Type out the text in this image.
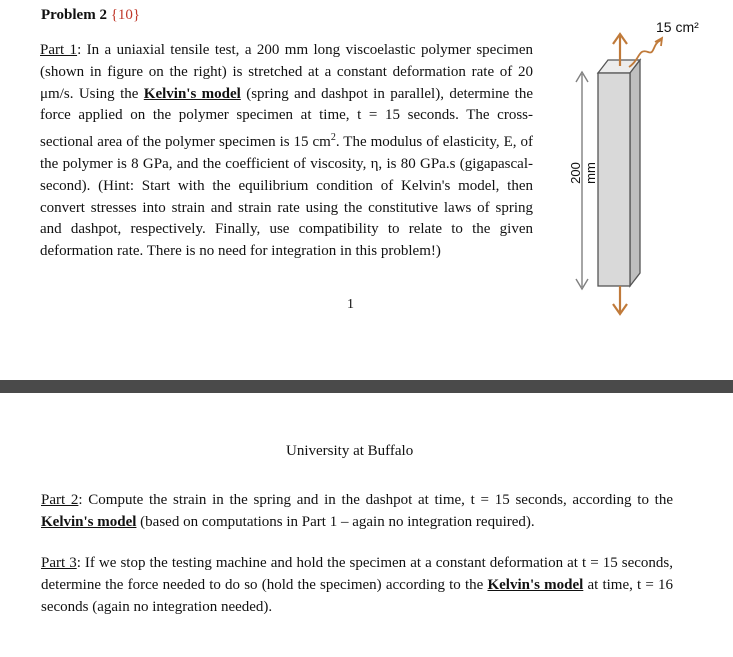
Problem 2 {10}
Part 1: In a uniaxial tensile test, a 200 mm long viscoelastic polymer specimen (shown in figure on the right) is stretched at a constant deformation rate of 20 μm/s. Using the Kelvin's model (spring and dashpot in parallel), determine the force applied on the polymer specimen at time, t = 15 seconds. The cross-sectional area of the polymer specimen is 15 $cm^2$. The modulus of elasticity, E, of the polymer is 8 GPa, and the coefficient of viscosity, η, is 80 GPa.s (gigapascal-second). (Hint: Start with the equilibrium condition of Kelvin's model, then convert stresses into strain and strain rate using the constitutive laws of spring and dashpot, respectively. Finally, use compatibility to relate to the given deformation rate. There is no need for integration in this problem!)
1
15 cm²
200 mm
University at Buffalo
Part 2: Compute the strain in the spring and in the dashpot at time, t = 15 seconds, according to the Kelvin's model (based on computations in Part 1 – again no integration required).
Part 3: If we stop the testing machine and hold the specimen at a constant deformation at t = 15 seconds, determine the force needed to do so (hold the specimen) according to the Kelvin's model at time, t = 16 seconds (again no integration needed).
